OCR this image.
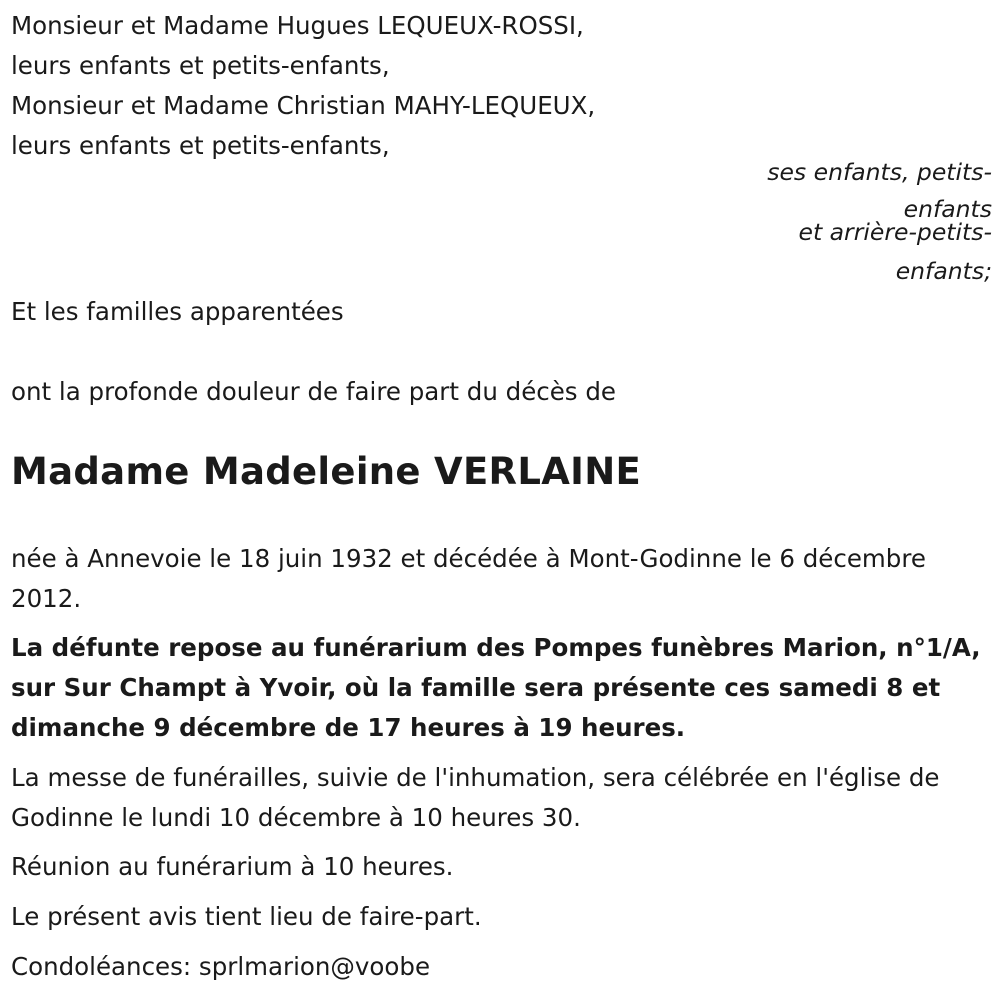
Monsieur et Madame Hugues LEQUEUX-ROSSI,

leurs enfants et petits-enfants,

Monsieur et Madame Christian MAHY-LEQUEUX,

leurs enfants et petits-enfants,

ses enfants, petits-

enfants

et arrière-petits-

enfants;

Et les familles apparentées

ont la profonde douleur de faire part du décès de

Madame Madeleine VERLAINE

née à Annevoie le 18 juin 1932 et décédée à Mont-Godinne le 6 décembre 2012.

La défunte repose au funérarium des Pompes funèbres Marion, n°1/A, sur Sur Champt à Yvoir, où la famille sera présente ces samedi 8 et dimanche 9 décembre de 17 heures à 19 heures.

La messe de funérailles, suivie de l'inhumation, sera célébrée en l'église de Godinne le lundi 10 décembre à 10 heures 30.

Réunion au funérarium à 10 heures.

Le présent avis tient lieu de faire-part.

Condoléances: sprlmarion@voobe
